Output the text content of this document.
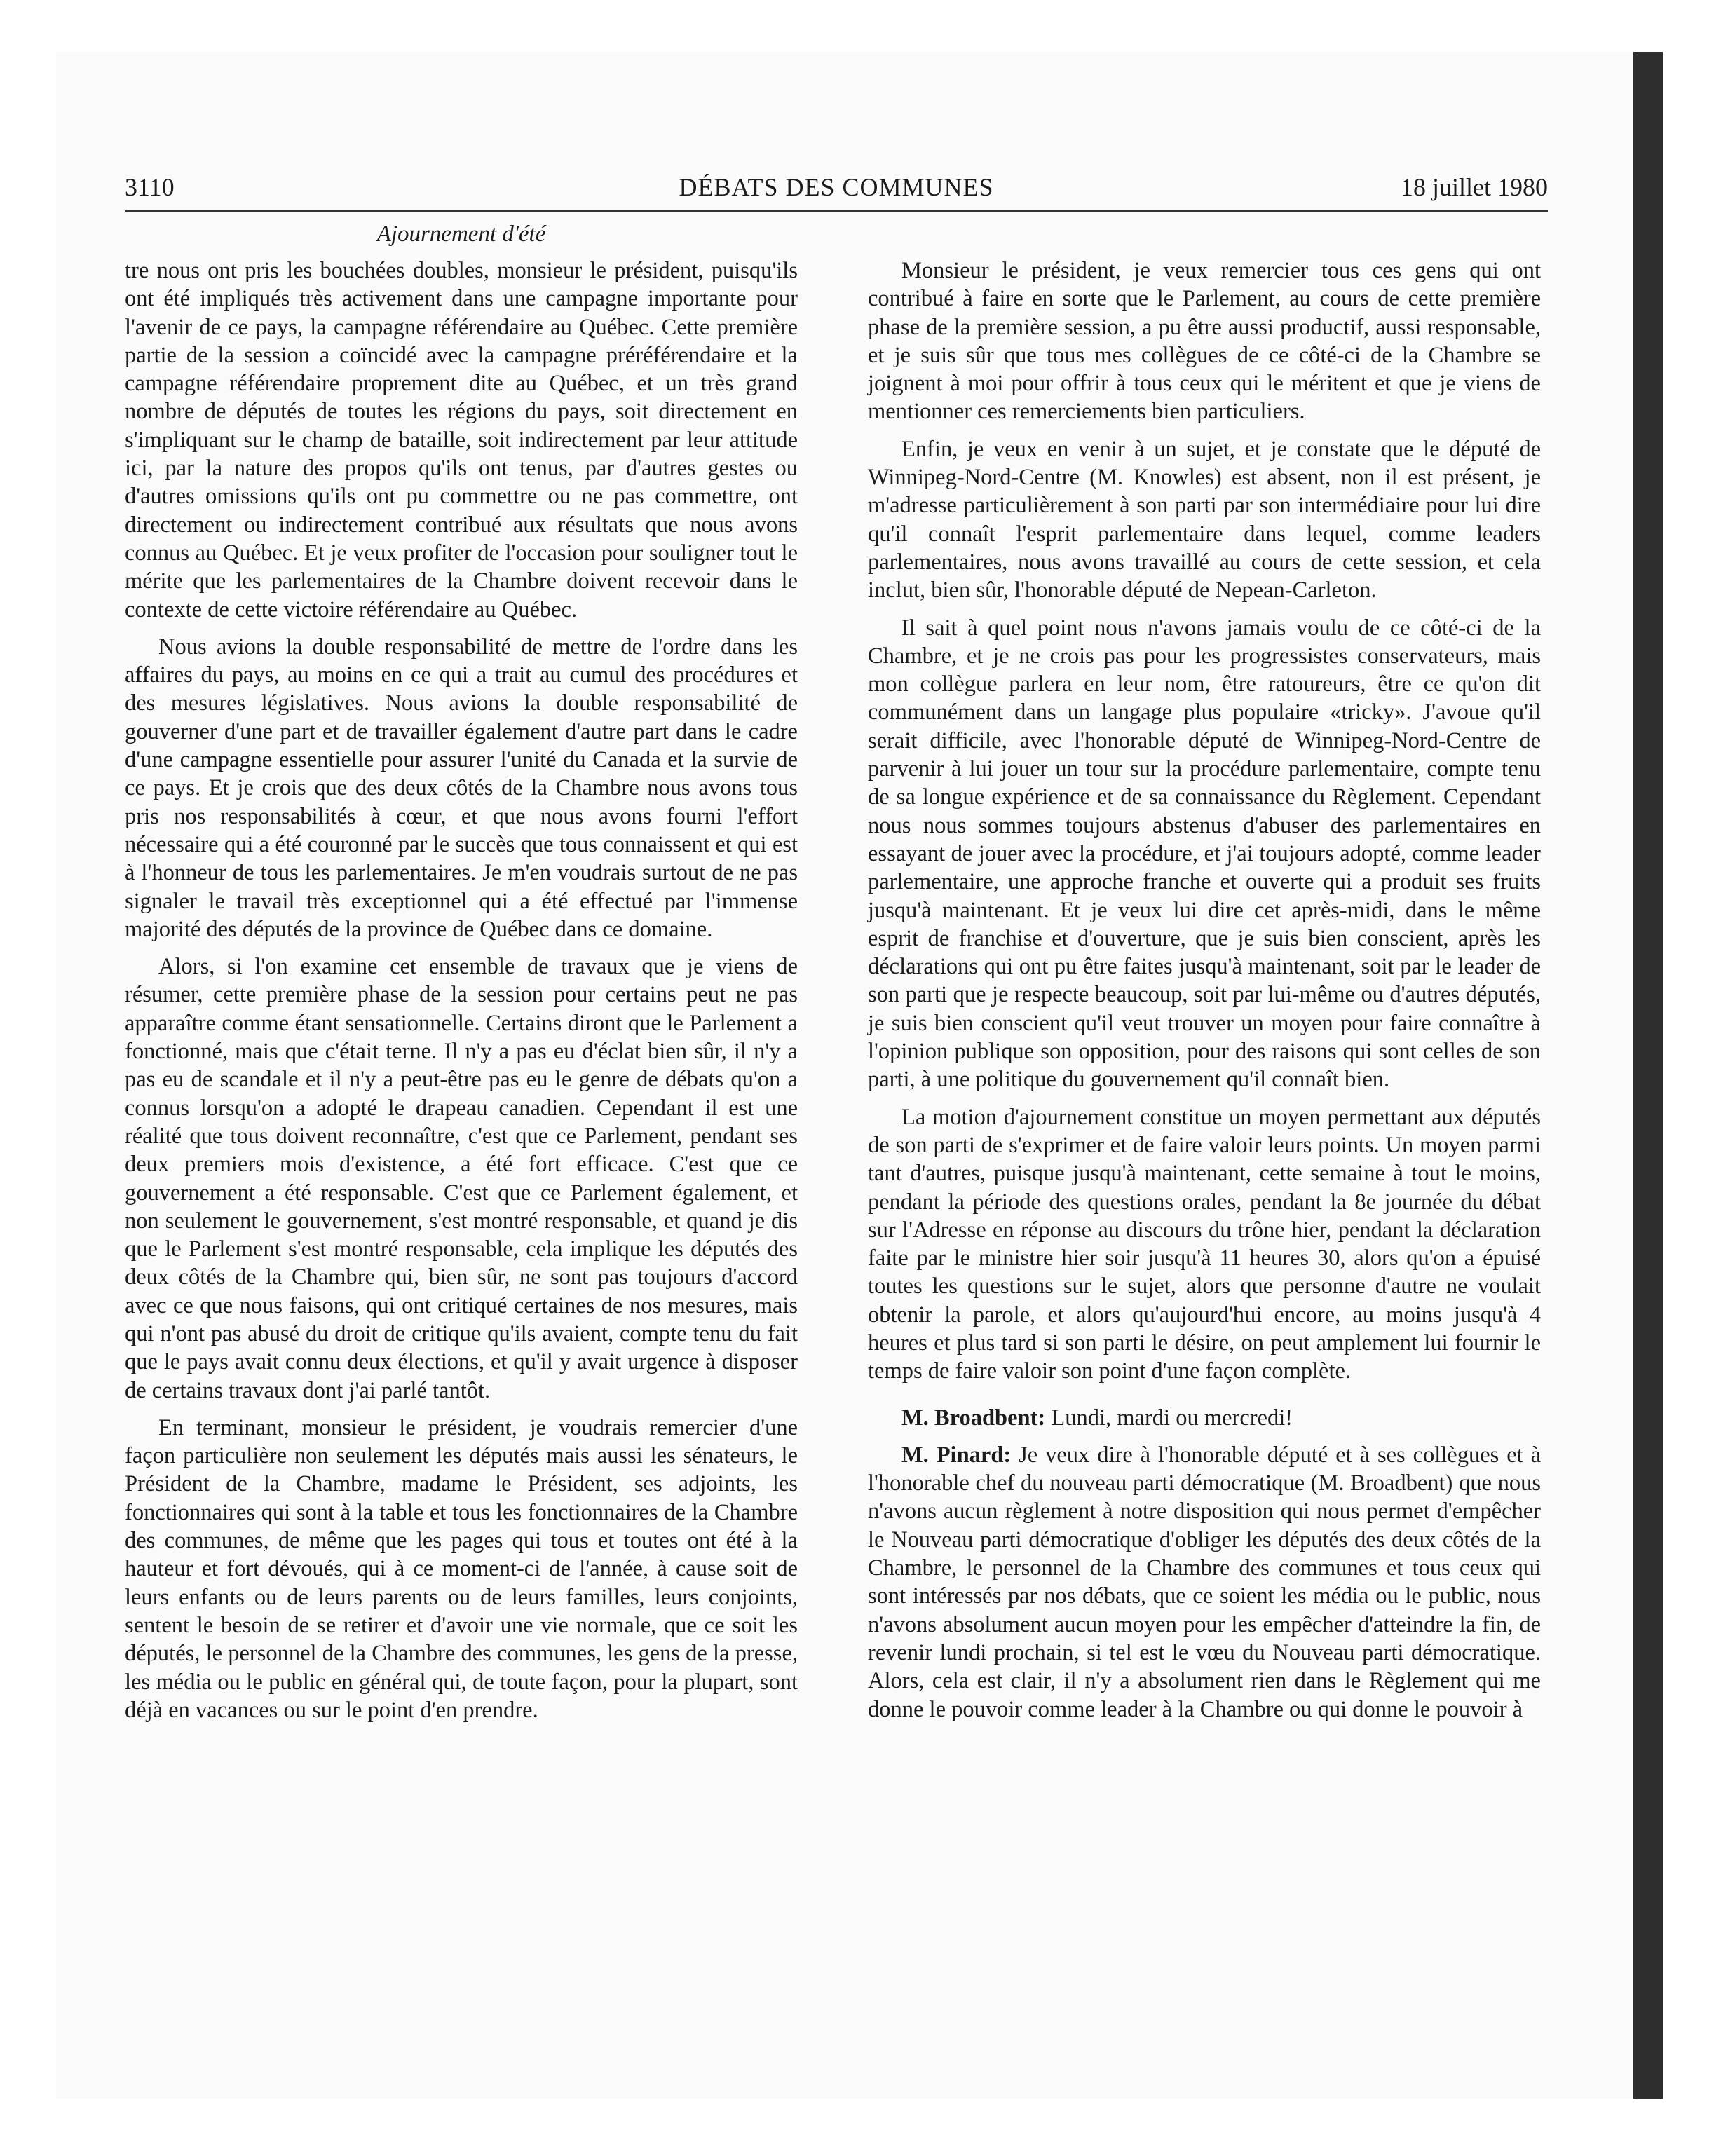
3110	DÉBATS DES COMMUNES	18 juillet 1980
Ajournement d'été

tre nous ont pris les bouchées doubles, monsieur le président, puisqu'ils ont été impliqués très activement dans une campagne importante pour l'avenir de ce pays, la campagne référendaire au Québec. Cette première partie de la session a coïncidé avec la campagne préréférendaire et la campagne référendaire proprement dite au Québec, et un très grand nombre de députés de toutes les régions du pays, soit directement en s'impliquant sur le champ de bataille, soit indirectement par leur attitude ici, par la nature des propos qu'ils ont tenus, par d'autres gestes ou d'autres omissions qu'ils ont pu commettre ou ne pas commettre, ont directement ou indirectement contribué aux résultats que nous avons connus au Québec. Et je veux profiter de l'occasion pour souligner tout le mérite que les parlementaires de la Chambre doivent recevoir dans le contexte de cette victoire référendaire au Québec.

Nous avions la double responsabilité de mettre de l'ordre dans les affaires du pays, au moins en ce qui a trait au cumul des procédures et des mesures législatives. Nous avions la double responsabilité de gouverner d'une part et de travailler également d'autre part dans le cadre d'une campagne essentielle pour assurer l'unité du Canada et la survie de ce pays. Et je crois que des deux côtés de la Chambre nous avons tous pris nos responsabilités à cœur, et que nous avons fourni l'effort nécessaire qui a été couronné par le succès que tous connaissent et qui est à l'honneur de tous les parlementaires. Je m'en voudrais surtout de ne pas signaler le travail très exceptionnel qui a été effectué par l'immense majorité des députés de la province de Québec dans ce domaine.

Alors, si l'on examine cet ensemble de travaux que je viens de résumer, cette première phase de la session pour certains peut ne pas apparaître comme étant sensationnelle. Certains diront que le Parlement a fonctionné, mais que c'était terne. Il n'y a pas eu d'éclat bien sûr, il n'y a pas eu de scandale et il n'y a peut-être pas eu le genre de débats qu'on a connus lorsqu'on a adopté le drapeau canadien. Cependant il est une réalité que tous doivent reconnaître, c'est que ce Parlement, pendant ses deux premiers mois d'existence, a été fort efficace. C'est que ce gouvernement a été responsable. C'est que ce Parlement également, et non seulement le gouvernement, s'est montré responsable, et quand je dis que le Parlement s'est montré responsable, cela implique les députés des deux côtés de la Chambre qui, bien sûr, ne sont pas toujours d'accord avec ce que nous faisons, qui ont critiqué certaines de nos mesures, mais qui n'ont pas abusé du droit de critique qu'ils avaient, compte tenu du fait que le pays avait connu deux élections, et qu'il y avait urgence à disposer de certains travaux dont j'ai parlé tantôt.

En terminant, monsieur le président, je voudrais remercier d'une façon particulière non seulement les députés mais aussi les sénateurs, le Président de la Chambre, madame le Président, ses adjoints, les fonctionnaires qui sont à la table et tous les fonctionnaires de la Chambre des communes, de même que les pages qui tous et toutes ont été à la hauteur et fort dévoués, qui à ce moment-ci de l'année, à cause soit de leurs enfants ou de leurs parents ou de leurs familles, leurs conjoints, sentent le besoin de se retirer et d'avoir une vie normale, que ce soit les députés, le personnel de la Chambre des communes, les gens de la presse, les média ou le public en général qui, de toute façon, pour la plupart, sont déjà en vacances ou sur le point d'en prendre.

Monsieur le président, je veux remercier tous ces gens qui ont contribué à faire en sorte que le Parlement, au cours de cette première phase de la première session, a pu être aussi productif, aussi responsable, et je suis sûr que tous mes collègues de ce côté-ci de la Chambre se joignent à moi pour offrir à tous ceux qui le méritent et que je viens de mentionner ces remerciements bien particuliers.

Enfin, je veux en venir à un sujet, et je constate que le député de Winnipeg-Nord-Centre (M. Knowles) est absent, non il est présent, je m'adresse particulièrement à son parti par son intermédiaire pour lui dire qu'il connaît l'esprit parlementaire dans lequel, comme leaders parlementaires, nous avons travaillé au cours de cette session, et cela inclut, bien sûr, l'honorable député de Nepean-Carleton.

Il sait à quel point nous n'avons jamais voulu de ce côté-ci de la Chambre, et je ne crois pas pour les progressistes conservateurs, mais mon collègue parlera en leur nom, être ratoureurs, être ce qu'on dit communément dans un langage plus populaire «tricky». J'avoue qu'il serait difficile, avec l'honorable député de Winnipeg-Nord-Centre de parvenir à lui jouer un tour sur la procédure parlementaire, compte tenu de sa longue expérience et de sa connaissance du Règlement. Cependant nous nous sommes toujours abstenus d'abuser des parlementaires en essayant de jouer avec la procédure, et j'ai toujours adopté, comme leader parlementaire, une approche franche et ouverte qui a produit ses fruits jusqu'à maintenant. Et je veux lui dire cet après-midi, dans le même esprit de franchise et d'ouverture, que je suis bien conscient, après les déclarations qui ont pu être faites jusqu'à maintenant, soit par le leader de son parti que je respecte beaucoup, soit par lui-même ou d'autres députés, je suis bien conscient qu'il veut trouver un moyen pour faire connaître à l'opinion publique son opposition, pour des raisons qui sont celles de son parti, à une politique du gouvernement qu'il connaît bien.

La motion d'ajournement constitue un moyen permettant aux députés de son parti de s'exprimer et de faire valoir leurs points. Un moyen parmi tant d'autres, puisque jusqu'à maintenant, cette semaine à tout le moins, pendant la période des questions orales, pendant la 8e journée du débat sur l'Adresse en réponse au discours du trône hier, pendant la déclaration faite par le ministre hier soir jusqu'à 11 heures 30, alors qu'on a épuisé toutes les questions sur le sujet, alors que personne d'autre ne voulait obtenir la parole, et alors qu'aujourd'hui encore, au moins jusqu'à 4 heures et plus tard si son parti le désire, on peut amplement lui fournir le temps de faire valoir son point d'une façon complète.

M. Broadbent: Lundi, mardi ou mercredi!

M. Pinard: Je veux dire à l'honorable député et à ses collègues et à l'honorable chef du nouveau parti démocratique (M. Broadbent) que nous n'avons aucun règlement à notre disposition qui nous permet d'empêcher le Nouveau parti démocratique d'obliger les députés des deux côtés de la Chambre, le personnel de la Chambre des communes et tous ceux qui sont intéressés par nos débats, que ce soient les média ou le public, nous n'avons absolument aucun moyen pour les empêcher d'atteindre la fin, de revenir lundi prochain, si tel est le vœu du Nouveau parti démocratique. Alors, cela est clair, il n'y a absolument rien dans le Règlement qui me donne le pouvoir comme leader à la Chambre ou qui donne le pouvoir à
